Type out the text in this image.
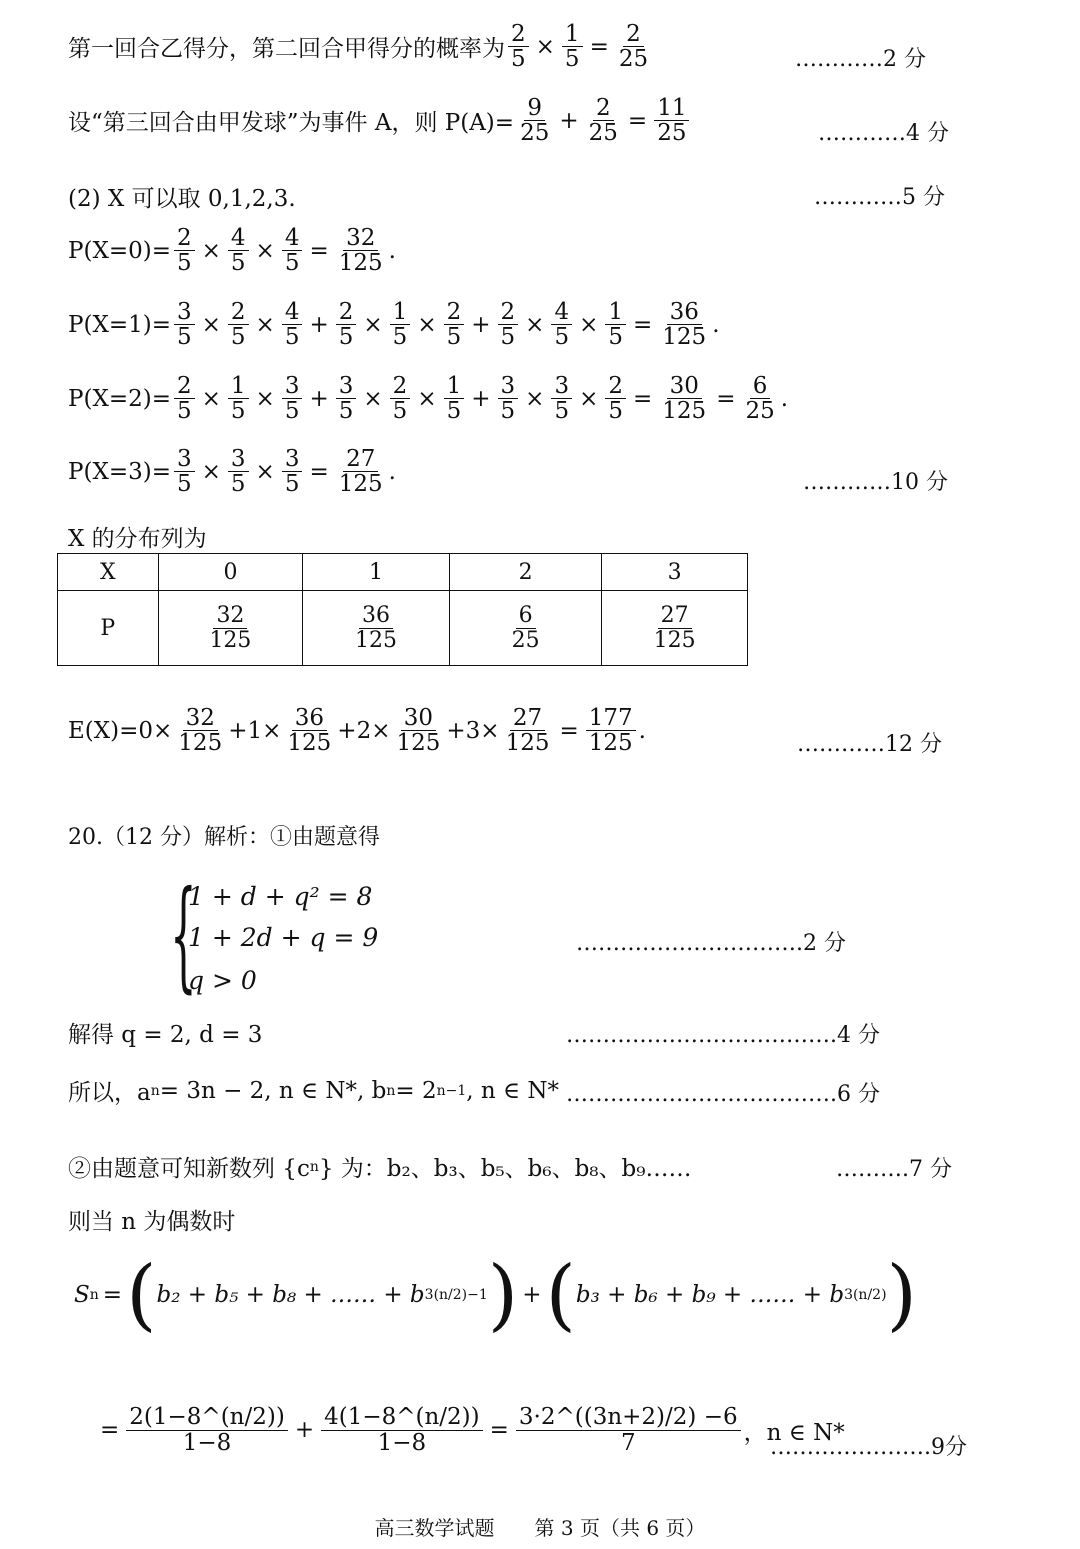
第一回合乙得分，第二回合甲得分的概率为 $\frac{2}{5} \times \frac{1}{5} = \frac{2}{25}$	…………2 分
设“第三回合由甲发球”为事件 A，则 $P(A)= \frac{9}{25} + \frac{2}{25} = \frac{11}{25}$	…………4 分
(2) X 可以取 0,1,2,3.	…………5 分
$P(X=0)= \frac{2}{5} \times \frac{4}{5} \times \frac{4}{5} = \frac{32}{125}$ .
$P(X=1)= \frac{3}{5} \times \frac{2}{5} \times \frac{4}{5} + \frac{2}{5} \times \frac{1}{5} \times \frac{2}{5} + \frac{2}{5} \times \frac{4}{5} \times \frac{1}{5} = \frac{36}{125}$ .
$P(X=2)= \frac{2}{5} \times \frac{1}{5} \times \frac{3}{5} + \frac{3}{5} \times \frac{2}{5} \times \frac{1}{5} + \frac{3}{5} \times \frac{3}{5} \times \frac{2}{5} = \frac{30}{125} = \frac{6}{25}$ .
$P(X=3)= \frac{3}{5} \times \frac{3}{5} \times \frac{3}{5} = \frac{27}{125}$ .	…………10 分
X 的分布列为
X	0	1	2	3
P	$\frac{32}{125}$	$\frac{36}{125}$	$\frac{6}{25}$	$\frac{27}{125}$
$E(X)= 0\times \frac{32}{125} +1\times \frac{36}{125} +2\times \frac{30}{125} +3\times \frac{27}{125} = \frac{177}{125}$ .
…………12 分
20.（12 分）解析：①由题意得
{
1 + d + q² = 8
1 + 2d + q = 9
q > 0
………………………….2 分
解得 q = 2, d = 3	……………………………….4 分
所以，a n = 3n − 2, n ∈ N*, b n = 2 n−1 , n ∈ N* ……………………………….6 分
②由题意可知新数列 {c n } 为：b₂、b₃、b₅、b₆、b₈、b₉……	……….7 分
则当 n 为偶数时
S n = ( b₂ + b₅ + b₈ + …… + b 3(n/2)−1 ) + ( b₃ + b₆ + b₉ + …… + b 3(n/2) )
= $\frac{2(1-8\^{}(n/2))}{1-8} + \frac{4(1-8\^{}(n/2))}{1-8} = \frac{3\cdot 2\^{}((3n+2)/2) -6}{7}$ ，n ∈ N*
………………….9分
高三数学试题　　第 3 页（共 6 页）
